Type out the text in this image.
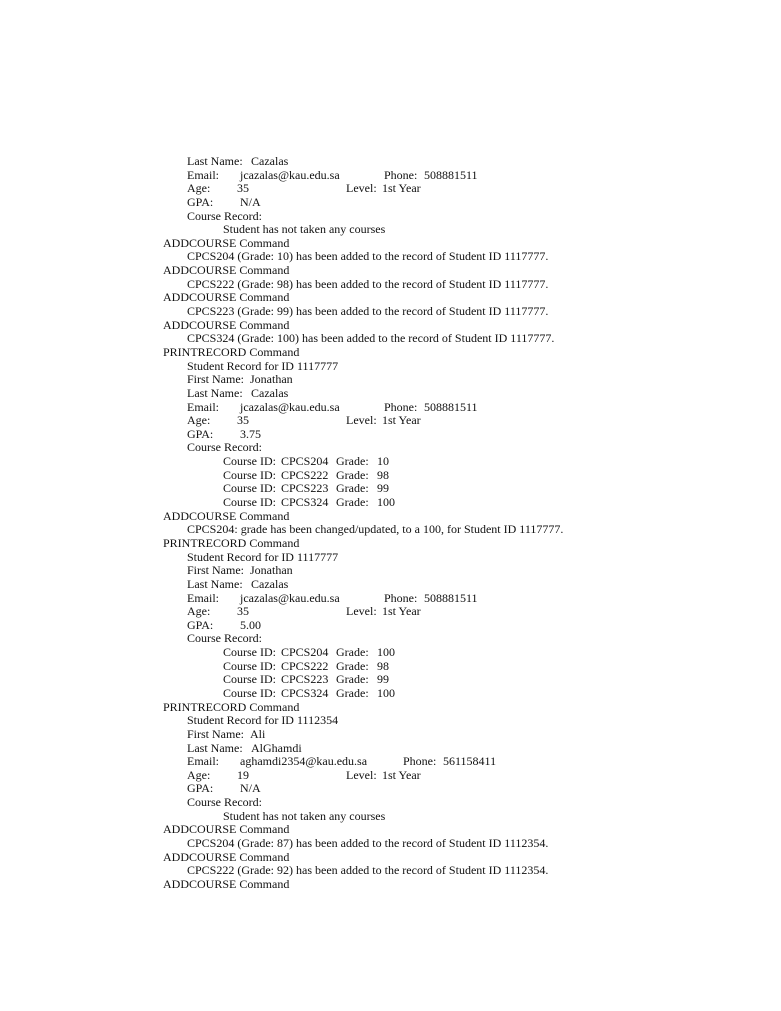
Last Name: Cazalas
Email: jcazalas@kau.edu.sa	Phone: 508881511
Age: 35	Level: 1st Year
GPA: N/A
Course Record:
Student has not taken any courses
ADDCOURSE Command
CPCS204 (Grade: 10) has been added to the record of Student ID 1117777.
ADDCOURSE Command
CPCS222 (Grade: 98) has been added to the record of Student ID 1117777.
ADDCOURSE Command
CPCS223 (Grade: 99) has been added to the record of Student ID 1117777.
ADDCOURSE Command
CPCS324 (Grade: 100) has been added to the record of Student ID 1117777.
PRINTRECORD Command
Student Record for ID 1117777
First Name: Jonathan
Last Name: Cazalas
Email: jcazalas@kau.edu.sa	Phone: 508881511
Age: 35	Level: 1st Year
GPA: 3.75
Course Record:
Course ID: CPCS204 Grade: 10
Course ID: CPCS222 Grade: 98
Course ID: CPCS223 Grade: 99
Course ID: CPCS324 Grade: 100
ADDCOURSE Command
CPCS204: grade has been changed/updated, to a 100, for Student ID 1117777.
PRINTRECORD Command
Student Record for ID 1117777
First Name: Jonathan
Last Name: Cazalas
Email: jcazalas@kau.edu.sa	Phone: 508881511
Age: 35	Level: 1st Year
GPA: 5.00
Course Record:
Course ID: CPCS204 Grade: 100
Course ID: CPCS222 Grade: 98
Course ID: CPCS223 Grade: 99
Course ID: CPCS324 Grade: 100
PRINTRECORD Command
Student Record for ID 1112354
First Name: Ali
Last Name: AlGhamdi
Email: aghamdi2354@kau.edu.sa	Phone: 561158411
Age: 19	Level: 1st Year
GPA: N/A
Course Record:
Student has not taken any courses
ADDCOURSE Command
CPCS204 (Grade: 87) has been added to the record of Student ID 1112354.
ADDCOURSE Command
CPCS222 (Grade: 92) has been added to the record of Student ID 1112354.
ADDCOURSE Command
